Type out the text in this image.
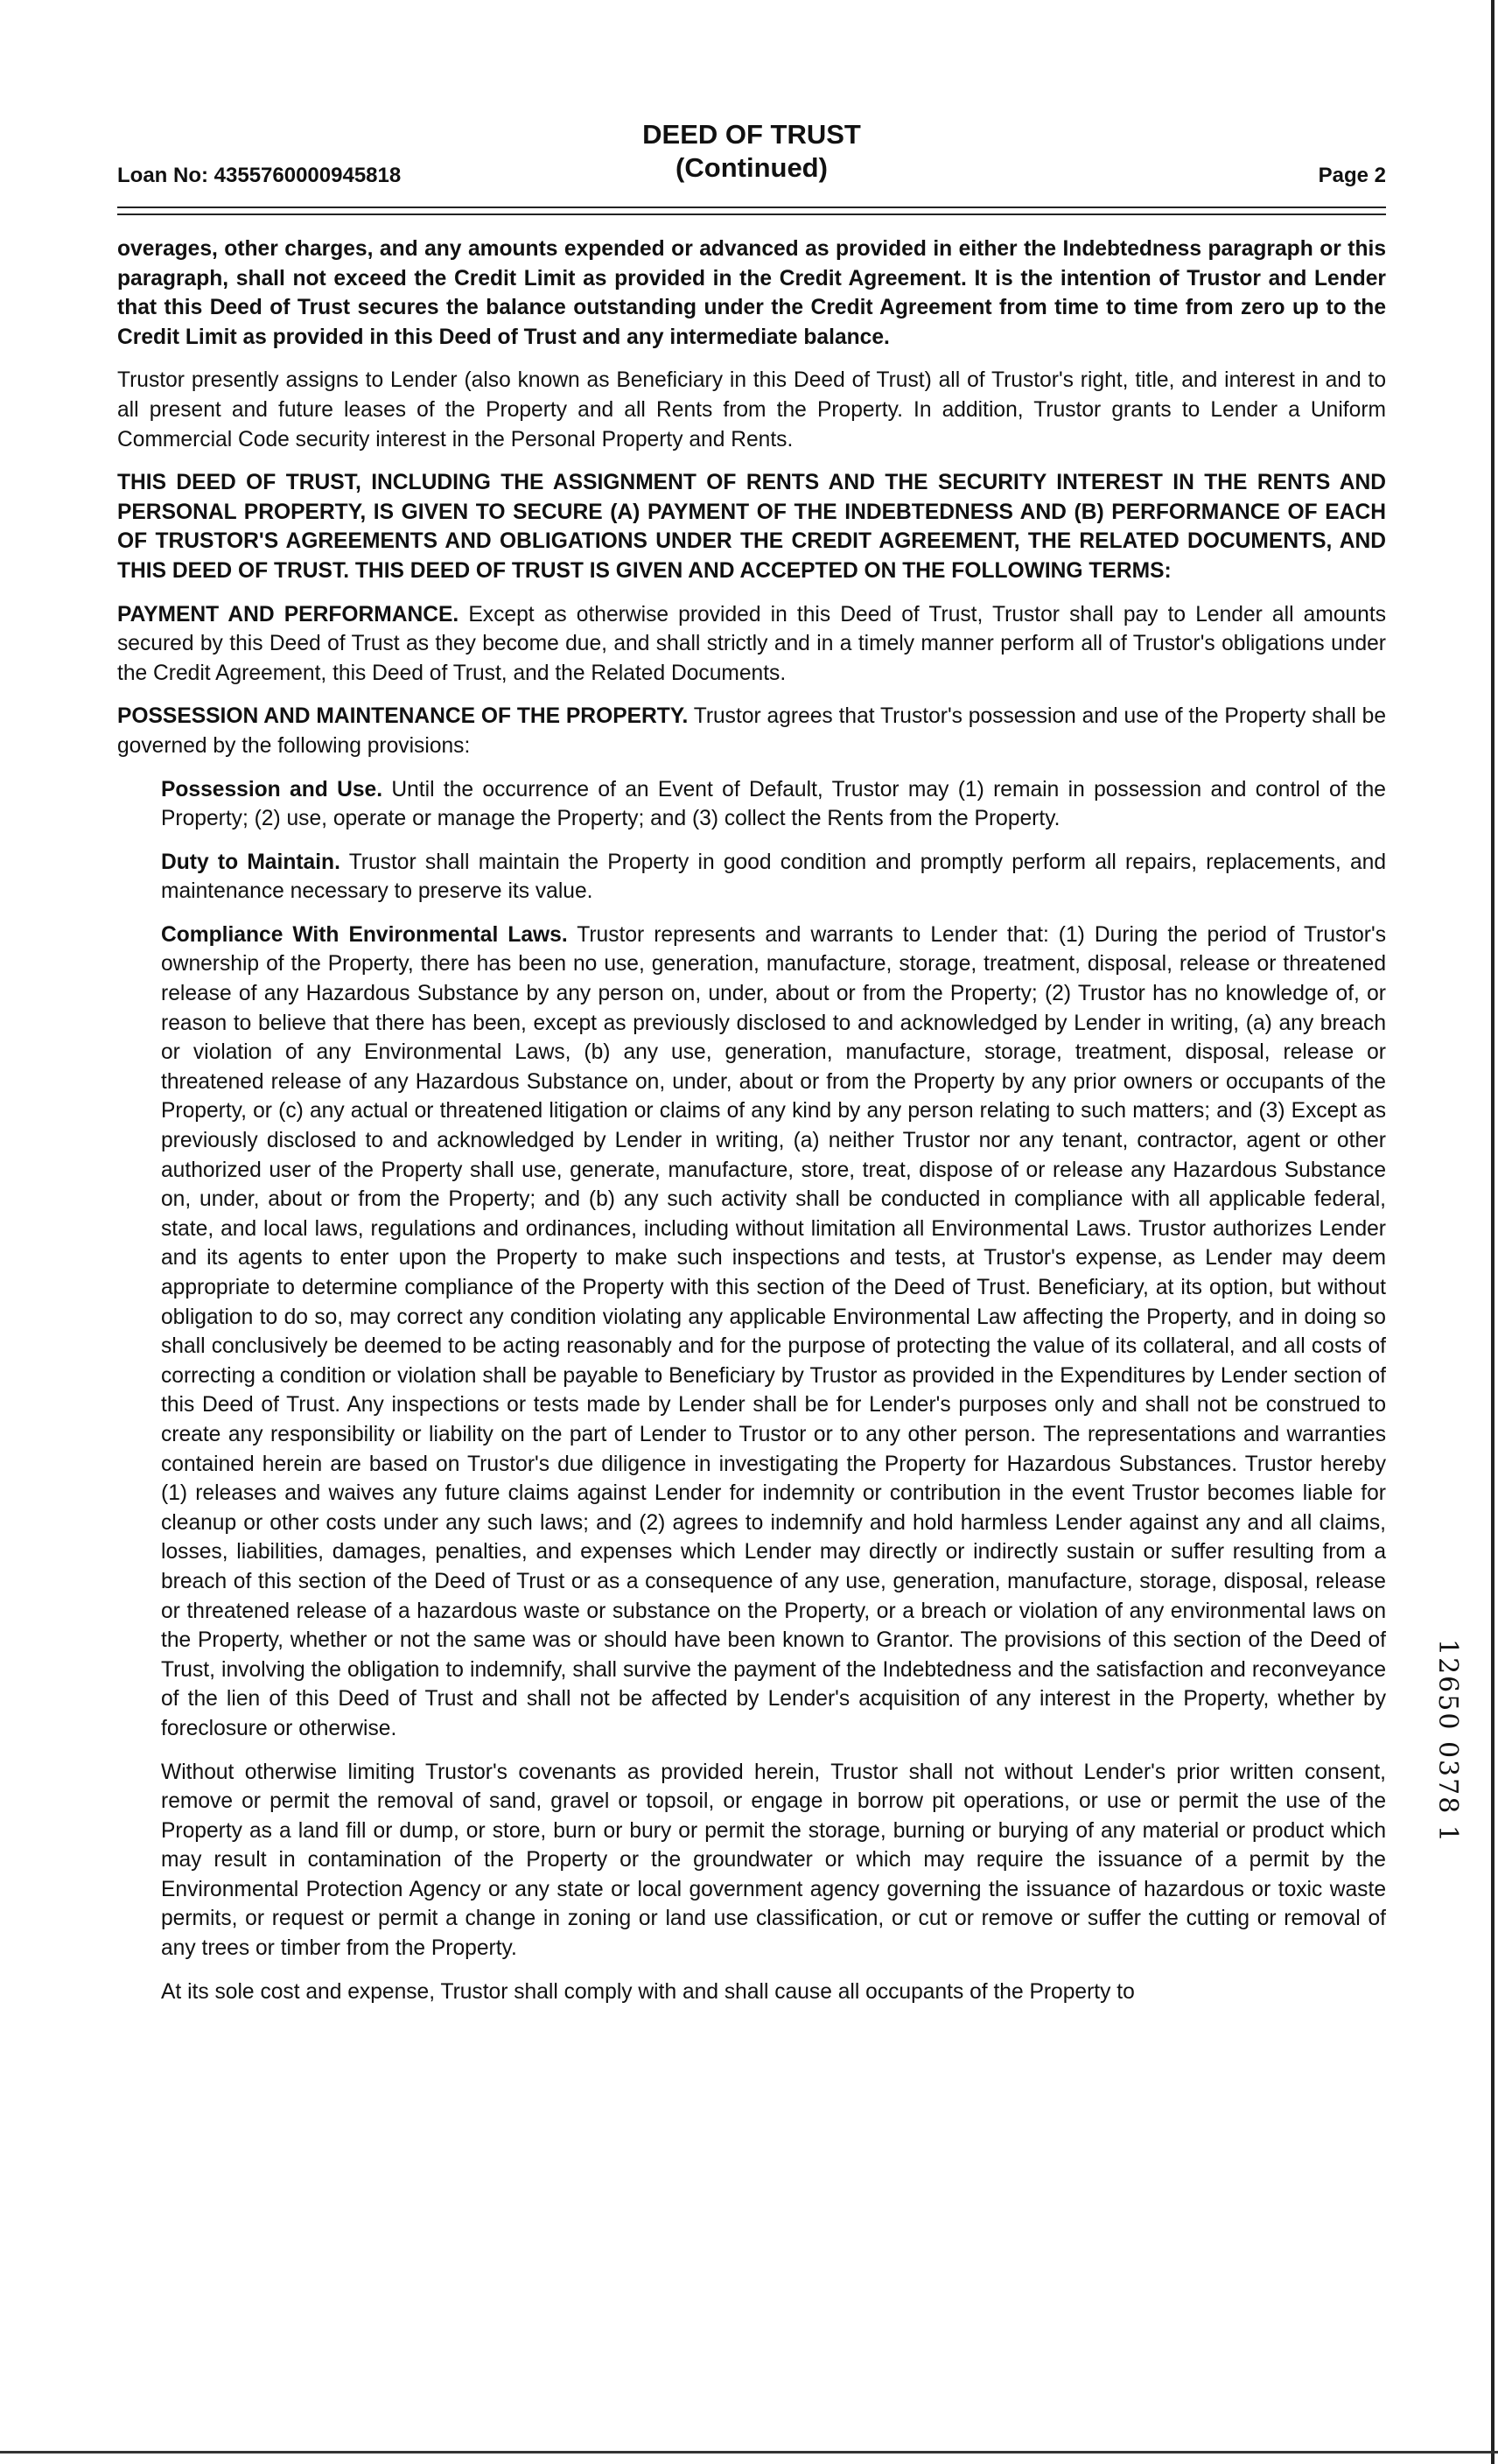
Loan No: 4355760000945818
DEED OF TRUST
(Continued)	Page 2

overages, other charges, and any amounts expended or advanced as provided in either the Indebtedness paragraph or this paragraph, shall not exceed the Credit Limit as provided in the Credit Agreement. It is the intention of Trustor and Lender that this Deed of Trust secures the balance outstanding under the Credit Agreement from time to time from zero up to the Credit Limit as provided in this Deed of Trust and any intermediate balance.

Trustor presently assigns to Lender (also known as Beneficiary in this Deed of Trust) all of Trustor's right, title, and interest in and to all present and future leases of the Property and all Rents from the Property. In addition, Trustor grants to Lender a Uniform Commercial Code security interest in the Personal Property and Rents.

THIS DEED OF TRUST, INCLUDING THE ASSIGNMENT OF RENTS AND THE SECURITY INTEREST IN THE RENTS AND PERSONAL PROPERTY, IS GIVEN TO SECURE (A) PAYMENT OF THE INDEBTEDNESS AND (B) PERFORMANCE OF EACH OF TRUSTOR'S AGREEMENTS AND OBLIGATIONS UNDER THE CREDIT AGREEMENT, THE RELATED DOCUMENTS, AND THIS DEED OF TRUST. THIS DEED OF TRUST IS GIVEN AND ACCEPTED ON THE FOLLOWING TERMS:

PAYMENT AND PERFORMANCE. Except as otherwise provided in this Deed of Trust, Trustor shall pay to Lender all amounts secured by this Deed of Trust as they become due, and shall strictly and in a timely manner perform all of Trustor's obligations under the Credit Agreement, this Deed of Trust, and the Related Documents.

POSSESSION AND MAINTENANCE OF THE PROPERTY. Trustor agrees that Trustor's possession and use of the Property shall be governed by the following provisions:

Possession and Use. Until the occurrence of an Event of Default, Trustor may (1) remain in possession and control of the Property; (2) use, operate or manage the Property; and (3) collect the Rents from the Property.

Duty to Maintain. Trustor shall maintain the Property in good condition and promptly perform all repairs, replacements, and maintenance necessary to preserve its value.

Compliance With Environmental Laws. Trustor represents and warrants to Lender that: (1) During the period of Trustor's ownership of the Property, there has been no use, generation, manufacture, storage, treatment, disposal, release or threatened release of any Hazardous Substance by any person on, under, about or from the Property; (2) Trustor has no knowledge of, or reason to believe that there has been, except as previously disclosed to and acknowledged by Lender in writing, (a) any breach or violation of any Environmental Laws, (b) any use, generation, manufacture, storage, treatment, disposal, release or threatened release of any Hazardous Substance on, under, about or from the Property by any prior owners or occupants of the Property, or (c) any actual or threatened litigation or claims of any kind by any person relating to such matters; and (3) Except as previously disclosed to and acknowledged by Lender in writing, (a) neither Trustor nor any tenant, contractor, agent or other authorized user of the Property shall use, generate, manufacture, store, treat, dispose of or release any Hazardous Substance on, under, about or from the Property; and (b) any such activity shall be conducted in compliance with all applicable federal, state, and local laws, regulations and ordinances, including without limitation all Environmental Laws. Trustor authorizes Lender and its agents to enter upon the Property to make such inspections and tests, at Trustor's expense, as Lender may deem appropriate to determine compliance of the Property with this section of the Deed of Trust. Beneficiary, at its option, but without obligation to do so, may correct any condition violating any applicable Environmental Law affecting the Property, and in doing so shall conclusively be deemed to be acting reasonably and for the purpose of protecting the value of its collateral, and all costs of correcting a condition or violation shall be payable to Beneficiary by Trustor as provided in the Expenditures by Lender section of this Deed of Trust. Any inspections or tests made by Lender shall be for Lender's purposes only and shall not be construed to create any responsibility or liability on the part of Lender to Trustor or to any other person. The representations and warranties contained herein are based on Trustor's due diligence in investigating the Property for Hazardous Substances. Trustor hereby (1) releases and waives any future claims against Lender for indemnity or contribution in the event Trustor becomes liable for cleanup or other costs under any such laws; and (2) agrees to indemnify and hold harmless Lender against any and all claims, losses, liabilities, damages, penalties, and expenses which Lender may directly or indirectly sustain or suffer resulting from a breach of this section of the Deed of Trust or as a consequence of any use, generation, manufacture, storage, disposal, release or threatened release of a hazardous waste or substance on the Property, or a breach or violation of any environmental laws on the Property, whether or not the same was or should have been known to Grantor. The provisions of this section of the Deed of Trust, involving the obligation to indemnify, shall survive the payment of the Indebtedness and the satisfaction and reconveyance of the lien of this Deed of Trust and shall not be affected by Lender's acquisition of any interest in the Property, whether by foreclosure or otherwise.

Without otherwise limiting Trustor's covenants as provided herein, Trustor shall not without Lender's prior written consent, remove or permit the removal of sand, gravel or topsoil, or engage in borrow pit operations, or use or permit the use of the Property as a land fill or dump, or store, burn or bury or permit the storage, burning or burying of any material or product which may result in contamination of the Property or the groundwater or which may require the issuance of a permit by the Environmental Protection Agency or any state or local government agency governing the issuance of hazardous or toxic waste permits, or request or permit a change in zoning or land use classification, or cut or remove or suffer the cutting or removal of any trees or timber from the Property.

At its sole cost and expense, Trustor shall comply with and shall cause all occupants of the Property to

12650 0378 1
